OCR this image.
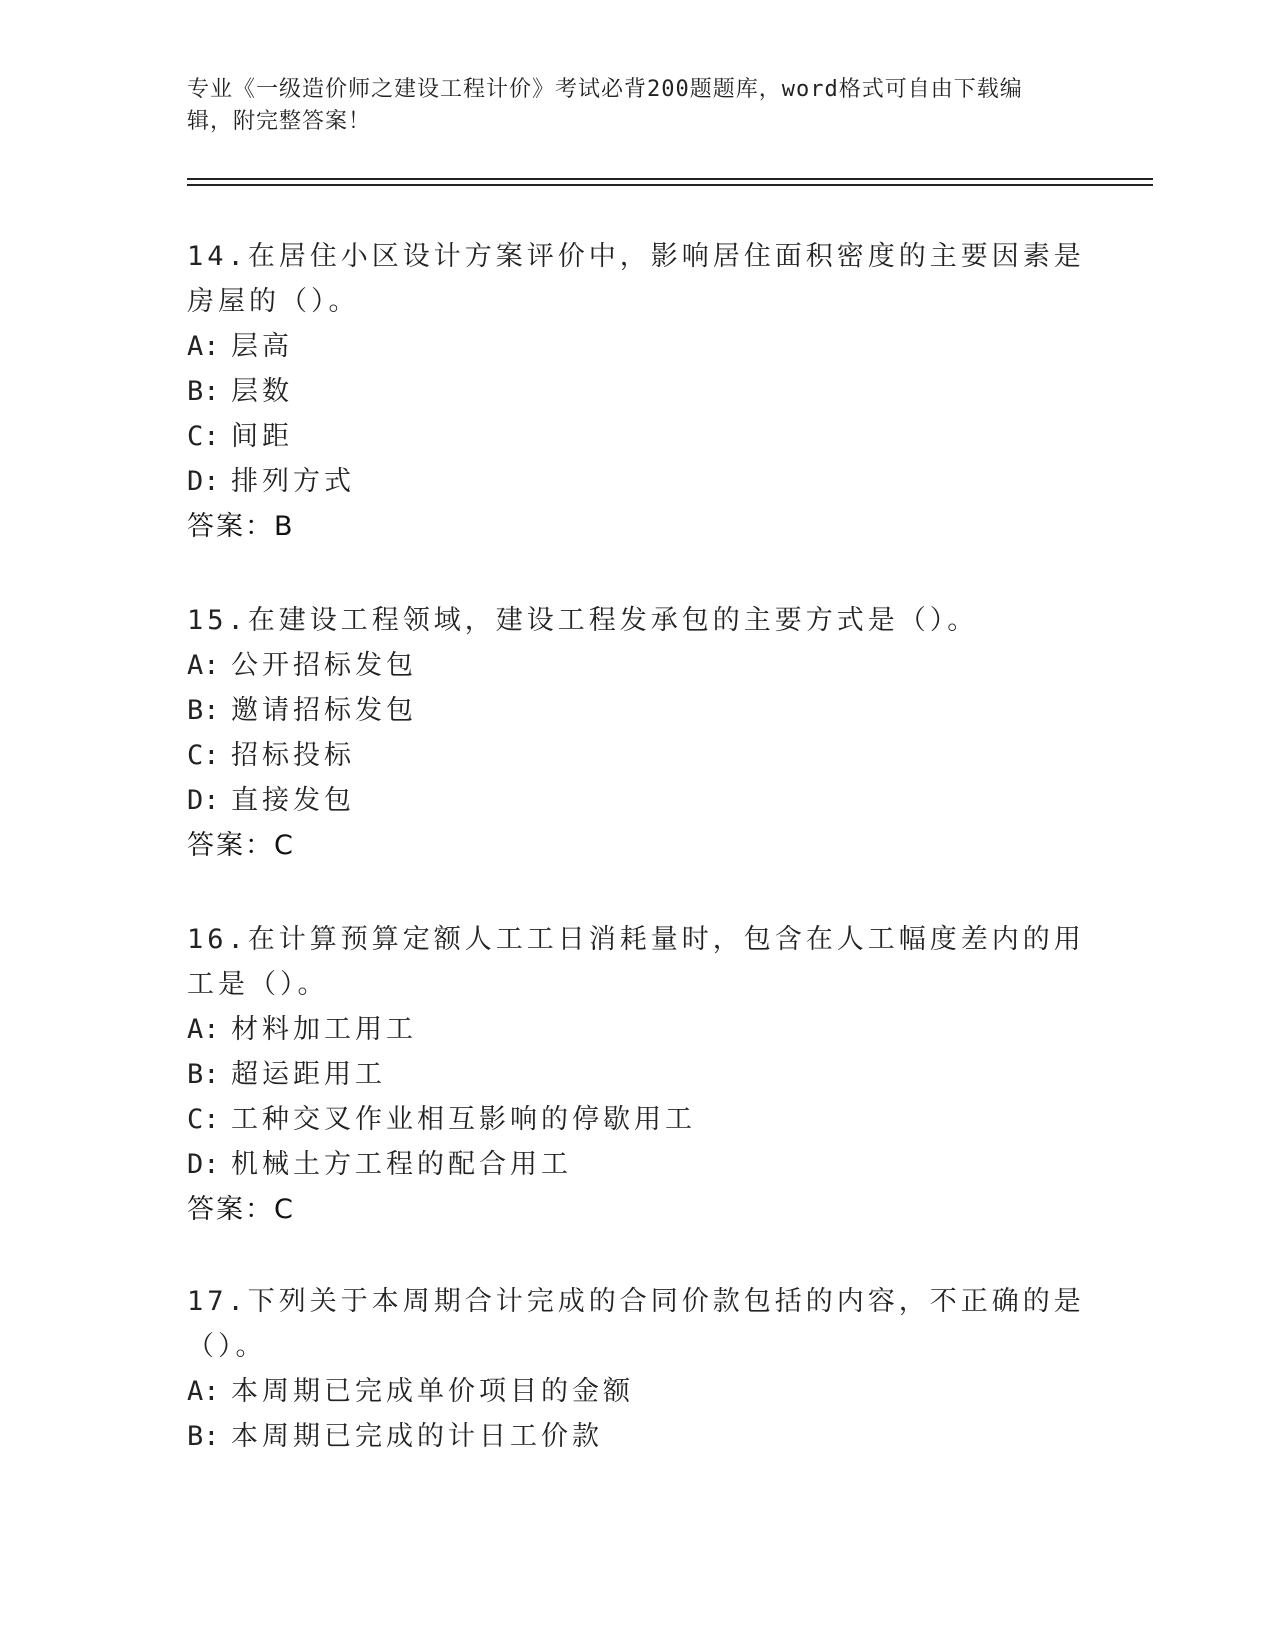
专业《一级造价师之建设工程计价》考试必背200题题库，word格式可自由下载编辑，附完整答案！

14.在居住小区设计方案评价中，影响居住面积密度的主要因素是房屋的（）。

A: 层高

B: 层数

C: 间距

D: 排列方式

答案：B

15.在建设工程领域，建设工程发承包的主要方式是（）。

A: 公开招标发包

B: 邀请招标发包

C: 招标投标

D: 直接发包

答案：C

16.在计算预算定额人工工日消耗量时，包含在人工幅度差内的用工是（）。

A: 材料加工用工

B: 超运距用工

C: 工种交叉作业相互影响的停歇用工

D: 机械土方工程的配合用工

答案：C

17.下列关于本周期合计完成的合同价款包括的内容，不正确的是（）。

A: 本周期已完成单价项目的金额

B: 本周期已完成的计日工价款
